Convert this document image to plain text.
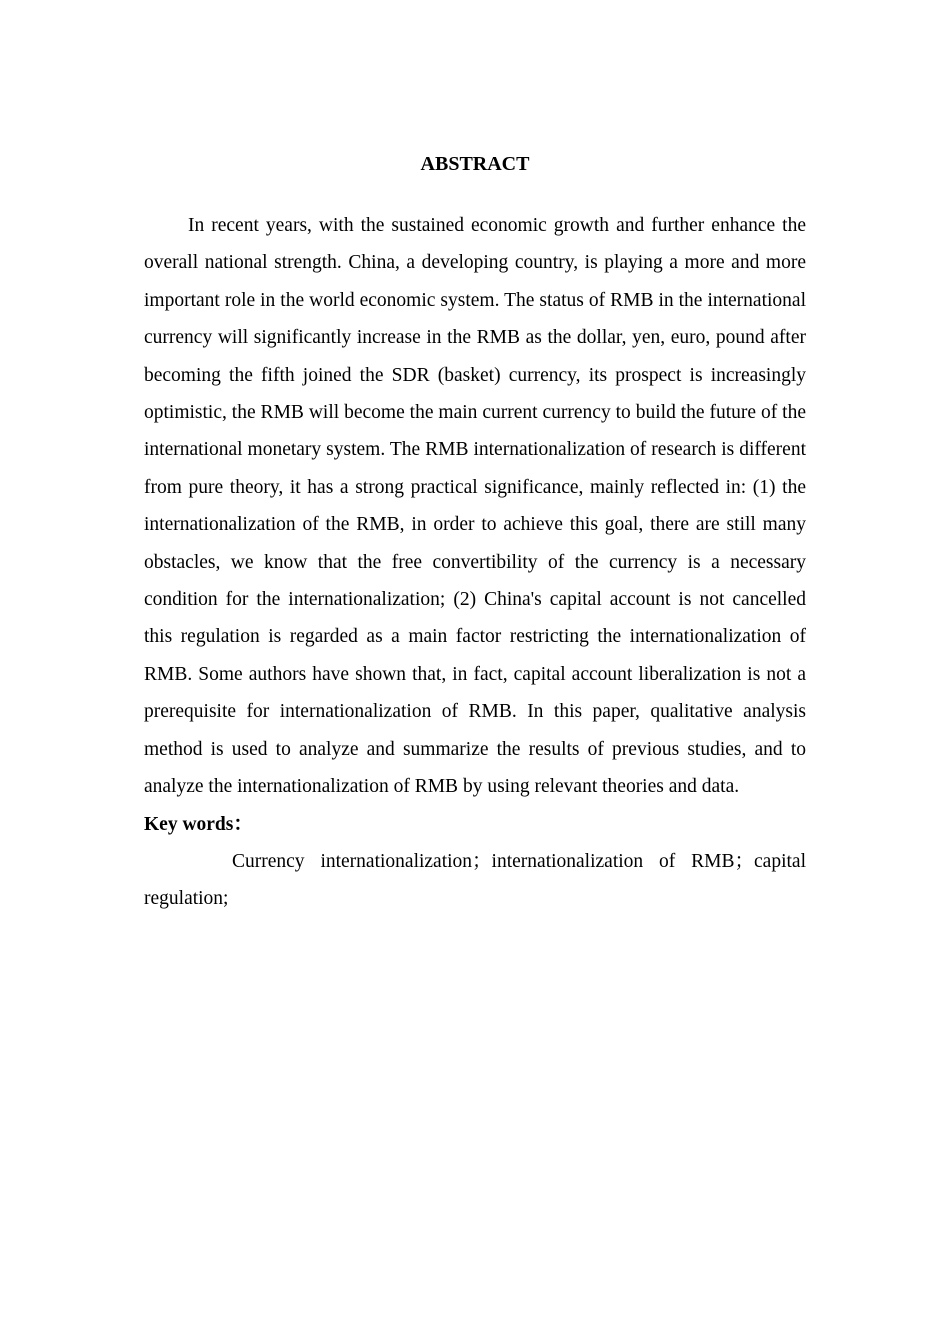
ABSTRACT

In recent years, with the sustained economic growth and further enhance the overall national strength. China, a developing country, is playing a more and more important role in the world economic system. The status of RMB in the international currency will significantly increase in the RMB as the dollar, yen, euro, pound after becoming the fifth joined the SDR (basket) currency, its prospect is increasingly optimistic, the RMB will become the main current currency to build the future of the international monetary system. The RMB internationalization of research is different from pure theory, it has a strong practical significance, mainly reflected in: (1) the internationalization of the RMB, in order to achieve this goal, there are still many obstacles, we know that the free convertibility of the currency is a necessary condition for the internationalization; (2) China's capital account is not cancelled this regulation is regarded as a main factor restricting the internationalization of RMB. Some authors have shown that, in fact, capital account liberalization is not a prerequisite for internationalization of RMB. In this paper, qualitative analysis method is used to analyze and summarize the results of previous studies, and to analyze the internationalization of RMB by using relevant theories and data.

Key words：

Currency internationalization；internationalization of RMB；capital regulation;
